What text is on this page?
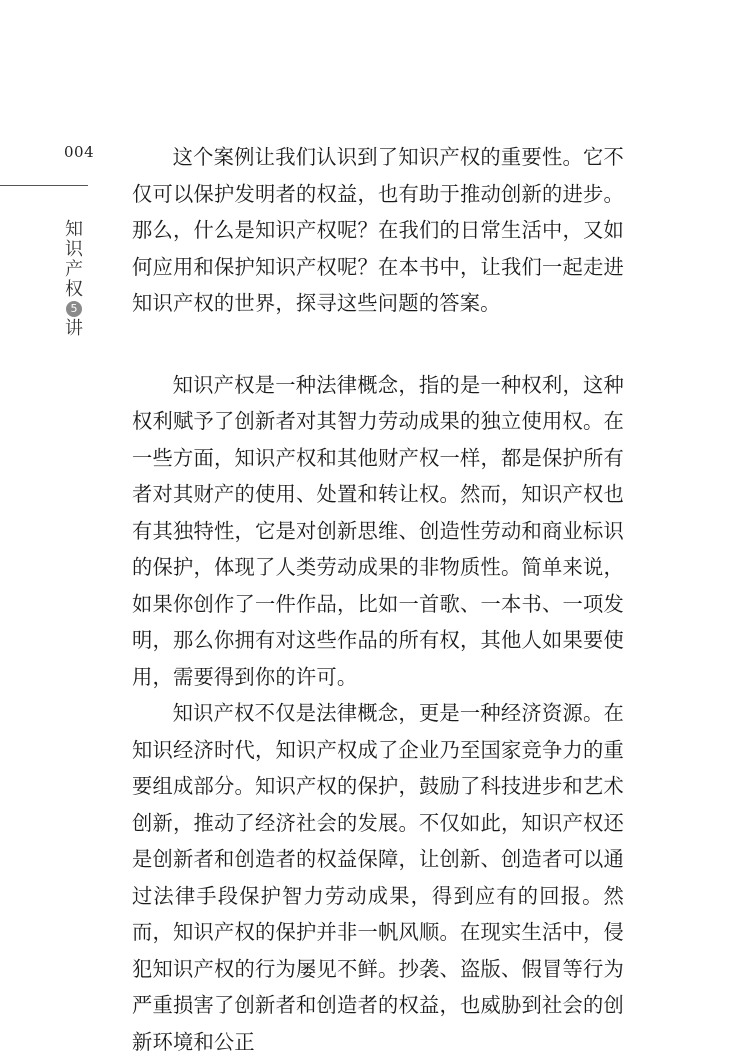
004
知
识
产
权
5
讲

这个案例让我们认识到了知识产权的重要性。它不仅可以保护发明者的权益，也有助于推动创新的进步。那么，什么是知识产权呢？在我们的日常生活中，又如何应用和保护知识产权呢？在本书中，让我们一起走进知识产权的世界，探寻这些问题的答案。

知识产权是一种法律概念，指的是一种权利，这种权利赋予了创新者对其智力劳动成果的独立使用权。在一些方面，知识产权和其他财产权一样，都是保护所有者对其财产的使用、处置和转让权。然而，知识产权也有其独特性，它是对创新思维、创造性劳动和商业标识的保护，体现了人类劳动成果的非物质性。简单来说，如果你创作了一件作品，比如一首歌、一本书、一项发明，那么你拥有对这些作品的所有权，其他人如果要使用，需要得到你的许可。

知识产权不仅是法律概念，更是一种经济资源。在知识经济时代，知识产权成了企业乃至国家竞争力的重要组成部分。知识产权的保护，鼓励了科技进步和艺术创新，推动了经济社会的发展。不仅如此，知识产权还是创新者和创造者的权益保障，让创新、创造者可以通过法律手段保护智力劳动成果，得到应有的回报。然而，知识产权的保护并非一帆风顺。在现实生活中，侵犯知识产权的行为屡见不鲜。抄袭、盗版、假冒等行为严重损害了创新者和创造者的权益，也威胁到社会的创新环境和公正
